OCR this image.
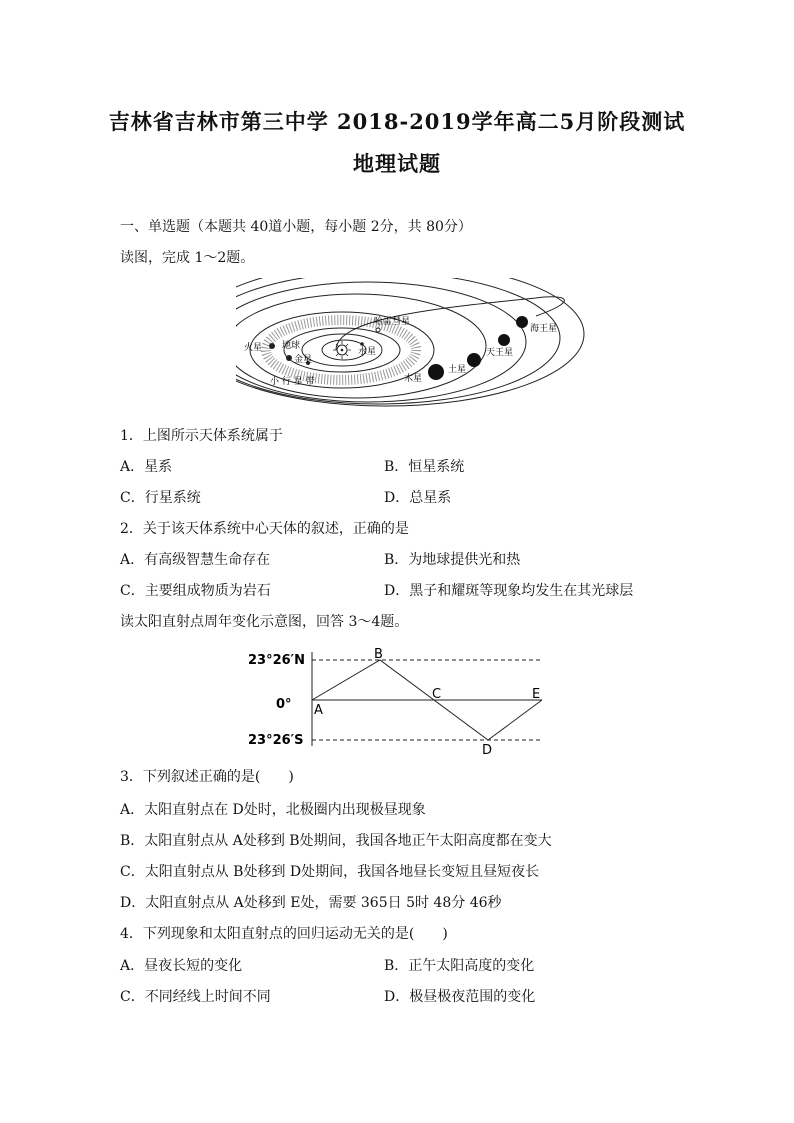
吉林省吉林市第三中学 2018-2019学年高二5月阶段测试
地理试题
一、单选题（本题共 40道小题，每小题 2分，共 80分）
读图，完成 1～2题。
哈雷彗星
海王星
天王星
土星
木星
火星 地球
金星
水星
小 行 星 带
1．上图所示天体系统属于
A．星系	B．恒星系统
C．行星系统	D．总星系
2．关于该天体系统中心天体的叙述，正确的是
A．有高级智慧生命存在	B．为地球提供光和热
C．主要组成物质为岩石	D．黑子和耀斑等现象均发生在其光球层
读太阳直射点周年变化示意图，回答 3～4题。
23°26′N
0°
23°26′S
A
B
C
D
E
3．下列叙述正确的是(　　)
A．太阳直射点在 D处时，北极圈内出现极昼现象
B．太阳直射点从 A处移到 B处期间，我国各地正午太阳高度都在变大
C．太阳直射点从 B处移到 D处期间，我国各地昼长变短且昼短夜长
D．太阳直射点从 A处移到 E处，需要 365日 5时 48分 46秒
4．下列现象和太阳直射点的回归运动无关的是(　　)
A．昼夜长短的变化	B．正午太阳高度的变化
C．不同经线上时间不同	D．极昼极夜范围的变化
